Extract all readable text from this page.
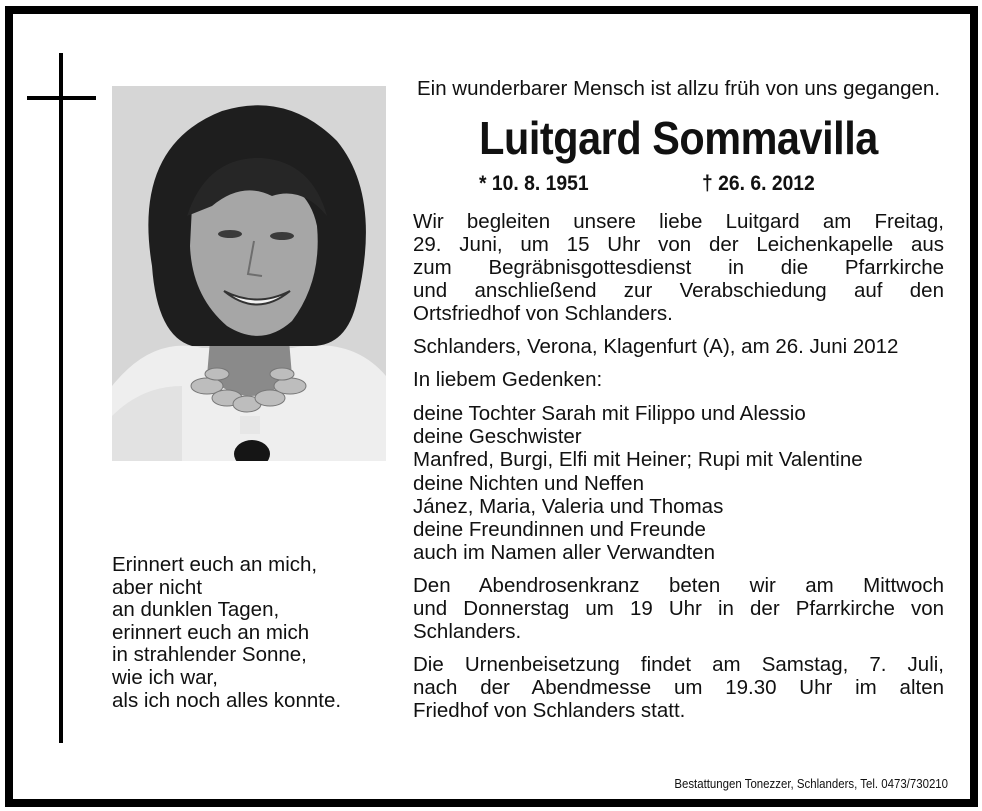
Erinnert euch an mich,
aber nicht
an dunklen Tagen,
erinnert euch an mich
in strahlender Sonne,
wie ich war,
als ich noch alles konnte.
Ein wunderbarer Mensch ist allzu früh von uns gegangen.
Luitgard Sommavilla
* 10. 8. 1951	† 26. 6. 2012
Wir begleiten unsere liebe Luitgard am Freitag,
29. Juni, um 15 Uhr von der Leichenkapelle aus
zum Begräbnisgottesdienst in die Pfarrkirche
und anschließend zur Verabschiedung auf den
Ortsfriedhof von Schlanders.
Schlanders, Verona, Klagenfurt (A), am 26. Juni 2012
In liebem Gedenken:
deine Tochter Sarah mit Filippo und Alessio
deine Geschwister
Manfred, Burgi, Elfi mit Heiner; Rupi mit Valentine
deine Nichten und Neffen
Jánez, Maria, Valeria und Thomas
deine Freundinnen und Freunde
auch im Namen aller Verwandten
Den Abendrosenkranz beten wir am Mittwoch
und Donnerstag um 19 Uhr in der Pfarrkirche von
Schlanders.
Die Urnenbeisetzung findet am Samstag, 7. Juli,
nach der Abendmesse um 19.30 Uhr im alten
Friedhof von Schlanders statt.
Bestattungen Tonezzer, Schlanders, Tel. 0473/730210
